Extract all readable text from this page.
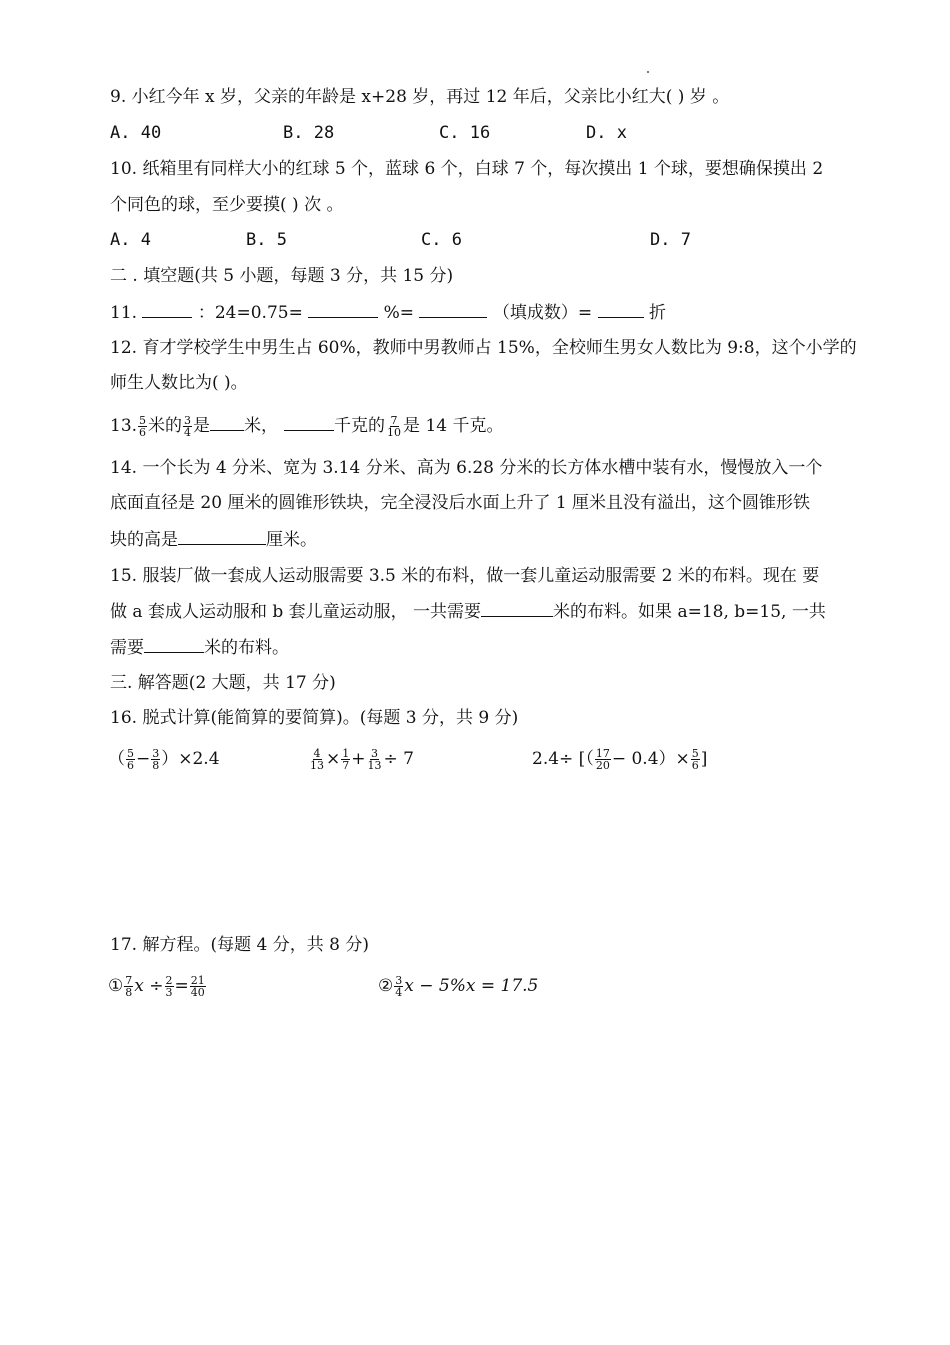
9. 小红今年 x 岁，父亲的年龄是 x+28 岁，再过 12 年后，父亲比小红大( ) 岁 。
A. 40	B. 28	C. 16	D. x
10. 纸箱里有同样大小的红球 5 个，蓝球 6 个，白球 7 个，每次摸出 1 个球，要想确保摸出 2
个同色的球，至少要摸( ) 次 。
A. 4	B. 5	C. 6	D. 7
二 . 填空题(共 5 小题，每题 3 分，共 15 分)
11.	：24=0.75=	%=	（填成数）=	折
12. 育才学校学生中男生占 60%，教师中男教师占 15%，全校师生男女人数比为 9:8，这个小学的
师生人数比为( )。
13. $\frac{5}{6}$ 米的 $\frac{3}{4}$ 是 米，	千克的 $\frac{7}{10}$ 是 14 千克。
14. 一个长为 4 分米、宽为 3.14 分米、高为 6.28 分米的长方体水槽中装有水，慢慢放入一个
底面直径是 20 厘米的圆锥形铁块，完全浸没后水面上升了 1 厘米且没有溢出，这个圆锥形铁
块的高是	厘米。
15. 服装厂做一套成人运动服需要 3.5 米的布料，做一套儿童运动服需要 2 米的布料。现在 要
做 a 套成人运动服和 b 套儿童运动服， 一共需要	米的布料。如果 a=18, b=15, 一共
需要	米的布料。
三. 解答题(2 大题，共 17 分)
16. 脱式计算(能简算的要简算)。(每题 3 分，共 9 分)
（ $\frac{5}{6} - \frac{3}{8} )\times 2.4$	$\frac{4}{13} \times \frac{1}{7} + \frac{3}{13} \div 7$	2.4÷ [（ $\frac{17}{20} - 0.4)\times \frac{5}{6}$ ]
17. 解方程。(每题 4 分，共 8 分)
① $\frac{7}{8}$ $x \div \frac{2}{3} = \frac{21}{40}$	② $\frac{3}{4}$ x − 5%x = 17.5
